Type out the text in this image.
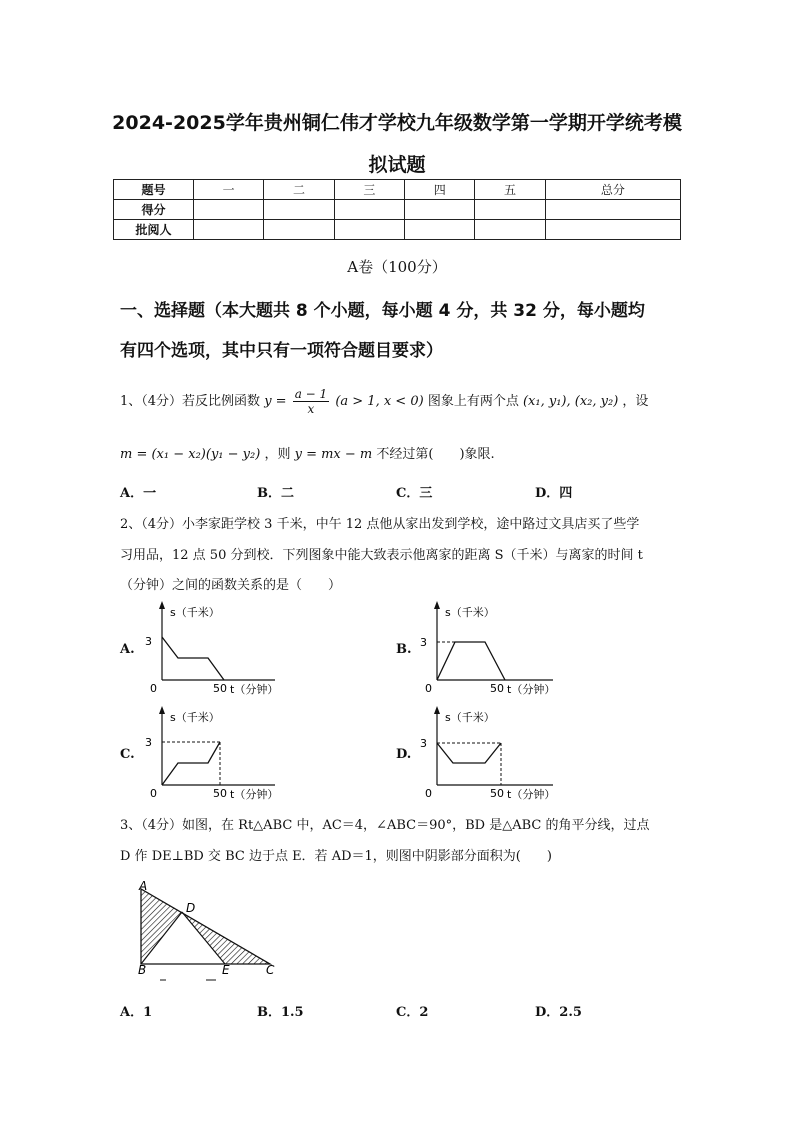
2024-2025学年贵州铜仁伟才学校九年级数学第一学期开学统考模
拟试题
题号	一	二	三	四	五	总分
得分						
批阅人						
A卷（100分）
一、选择题（本大题共 8 个小题，每小题 4 分，共 32 分，每小题均
有四个选项，其中只有一项符合题目要求）
1、（4分）若反比例函数 $y = \frac{a - 1}{x} (a > 1$, x < 0) 图象上有两个点 (x₁, y₁), (x₂, y₂) ，设
m = (x₁ − x₂)(y₁ − y₂) ，则 y = mx − m 不经过第(　　)象限.
A．一	B．二	C．三	D．四
2、（4分）小李家距学校 3 千米，中午 12 点他从家出发到学校，途中路过文具店买了些学
习用品，12 点 50 分到校．下列图象中能大致表示他离家的距离 S（千米）与离家的时间 t
（分钟）之间的函数关系的是（　　）
A.	B.
C.	D.
s（千米）
3
0	50 t（分钟）
s（千米）
3
0	50 t（分钟）
s（千米）
3
0	50 t（分钟）
s（千米）
3
0	50 t（分钟）
3、（4分）如图，在 Rt△ABC 中，AC＝4，∠ABC＝90°，BD 是△ABC 的角平分线，过点
D 作 DE⊥BD 交 BC 边于点 E．若 AD＝1，则图中阴影部分面积为(　　)
A
B	C
D
E
A．1	B．1.5	C．2	D．2.5
